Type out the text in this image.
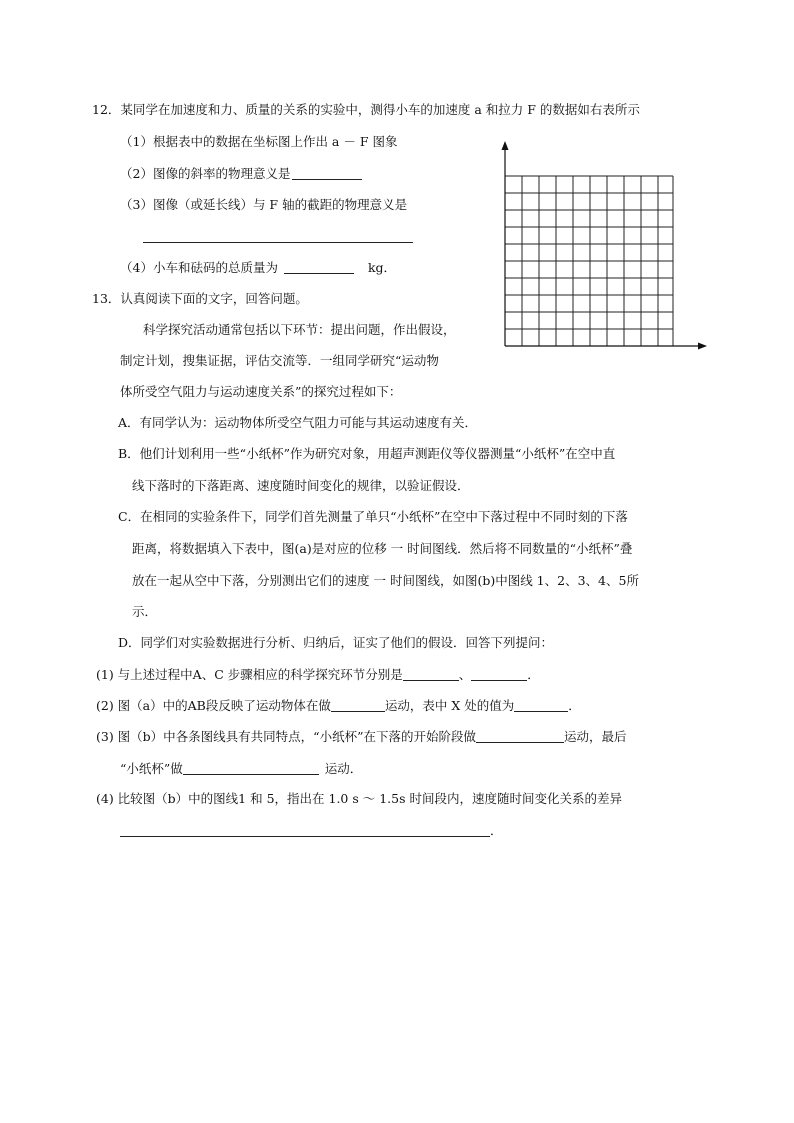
12．某同学在加速度和力、质量的关系的实验中，测得小车的加速度 a 和拉力 F 的数据如右表所示
（1）根据表中的数据在坐标图上作出 a － F 图象
（2）图像的斜率的物理意义是
（3）图像（或延长线）与 F 轴的截距的物理意义是
（4）小车和砝码的总质量为	kg．
13．认真阅读下面的文字，回答问题。
科学探究活动通常包括以下环节：提出问题，作出假设，
制定计划，搜集证据，评估交流等．一组同学研究“运动物
体所受空气阻力与运动速度关系”的探究过程如下：
A．有同学认为：运动物体所受空气阻力可能与其运动速度有关．
B．他们计划利用一些“小纸杯”作为研究对象，用超声测距仪等仪器测量“小纸杯”在空中直
线下落时的下落距离、速度随时间变化的规律，以验证假设．
C．在相同的实验条件下，同学们首先测量了单只“小纸杯”在空中下落过程中不同时刻的下落
距离，将数据填入下表中，图(a)是对应的位移 一 时间图线．然后将不同数量的“小纸杯”叠
放在一起从空中下落，分别测出它们的速度 一 时间图线，如图(b)中图线 1、2、3、4、5所
示．
D．同学们对实验数据进行分析、归纳后，证实了他们的假设．回答下列提问：
(1) 与上述过程中A、C 步骤相应的科学探究环节分别是	、	．
(2) 图（a）中的AB段反映了运动物体在做	运动，表中 X 处的值为	．
(3) 图（b）中各条图线具有共同特点，“小纸杯”在下落的开始阶段做	运动，最后
“小纸杯”做	运动．
(4) 比较图（b）中的图线1 和 5，指出在 1.0 s ～ 1.5s 时间段内，速度随时间变化关系的差异
．
